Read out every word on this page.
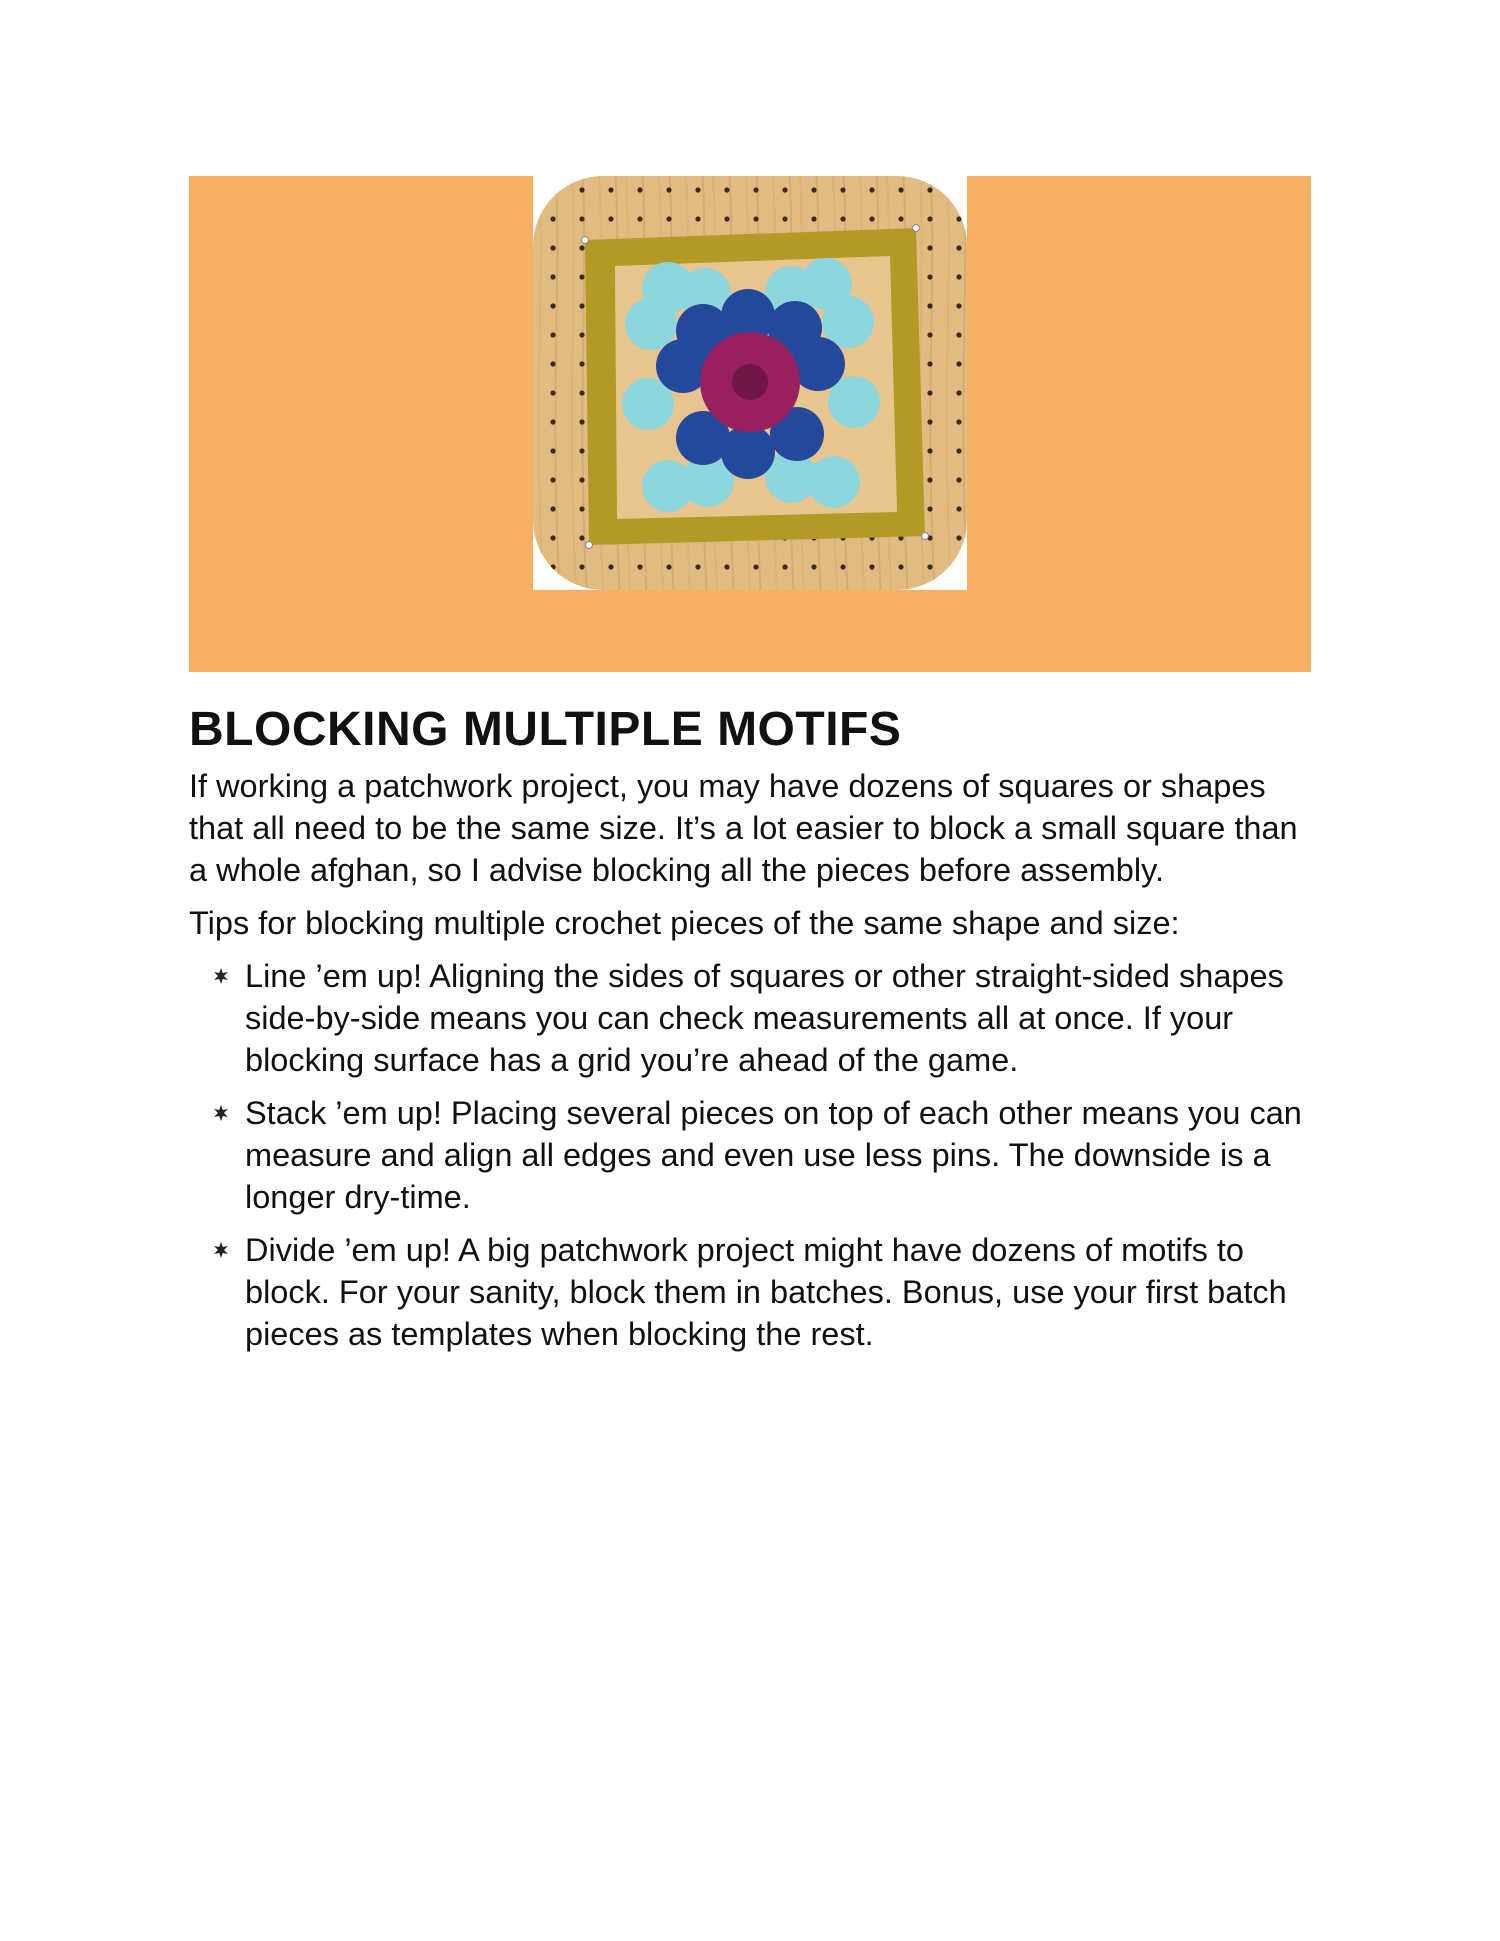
BLOCKING MULTIPLE MOTIFS

If working a patchwork project, you may have dozens of squares or shapes that all need to be the same size. It’s a lot easier to block a small square than a whole afghan, so I advise blocking all the pieces before assembly.

Tips for blocking multiple crochet pieces of the same shape and size:

Line ’em up! Aligning the sides of squares or other straight-sided shapes side-by-side means you can check measurements all at once. If your blocking surface has a grid you’re ahead of the game.
Stack ’em up! Placing several pieces on top of each other means you can measure and align all edges and even use less pins. The downside is a longer dry-time.
Divide ’em up! A big patchwork project might have dozens of motifs to block. For your sanity, block them in batches. Bonus, use your first batch pieces as templates when blocking the rest.
